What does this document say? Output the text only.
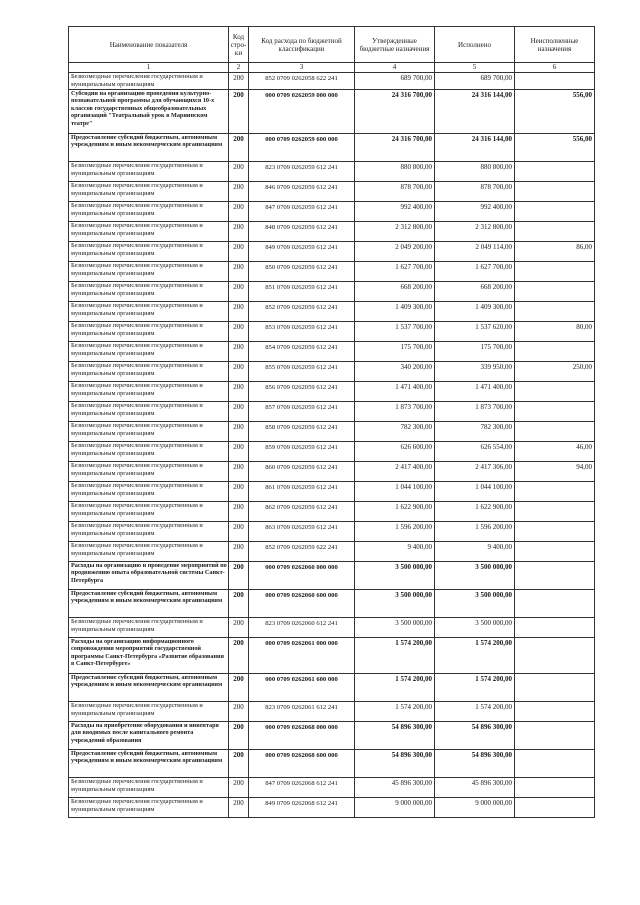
Наименование показателя	Код стро-ки	Код расхода по бюджетной классификации	Утвержденные бюджетные назначения	Исполнено	Неисполненные назначения
1	2	3	4	5	6
Безвозмездные перечисления государственным и муниципальным организациям	200	852 0709 0262058 622 241	689 700,00	689 700,00	
Субсидии на организацию проведения культурно-познавательной программы для обучающихся 10-х классов государственных общеобразовательных организаций "Театральный урок в Мариинском театре"	200	000 0709 0262059 000 000	24 316 700,00	24 316 144,00	556,00
Предоставление субсидий бюджетным, автономным учреждениям и иным некоммерческим организациям	200	000 0709 0262059 600 000	24 316 700,00	24 316 144,00	556,00
Безвозмездные перечисления государственным и муниципальным организациям	200	823 0709 0262059 612 241	880 800,00	880 800,00	
Безвозмездные перечисления государственным и муниципальным организациям	200	846 0709 0262059 612 241	878 700,00	878 700,00	
Безвозмездные перечисления государственным и муниципальным организациям	200	847 0709 0262059 612 241	992 400,00	992 400,00	
Безвозмездные перечисления государственным и муниципальным организациям	200	848 0709 0262059 612 241	2 312 800,00	2 312 800,00	
Безвозмездные перечисления государственным и муниципальным организациям	200	849 0709 0262059 612 241	2 049 200,00	2 049 114,00	86,00
Безвозмездные перечисления государственным и муниципальным организациям	200	850 0709 0262059 612 241	1 627 700,00	1 627 700,00	
Безвозмездные перечисления государственным и муниципальным организациям	200	851 0709 0262059 612 241	668 200,00	668 200,00	
Безвозмездные перечисления государственным и муниципальным организациям	200	852 0709 0262059 612 241	1 409 300,00	1 409 300,00	
Безвозмездные перечисления государственным и муниципальным организациям	200	853 0709 0262059 612 241	1 537 700,00	1 537 620,00	80,00
Безвозмездные перечисления государственным и муниципальным организациям	200	854 0709 0262059 612 241	175 700,00	175 700,00	
Безвозмездные перечисления государственным и муниципальным организациям	200	855 0709 0262059 612 241	340 200,00	339 950,00	250,00
Безвозмездные перечисления государственным и муниципальным организациям	200	856 0709 0262059 612 241	1 471 400,00	1 471 400,00	
Безвозмездные перечисления государственным и муниципальным организациям	200	857 0709 0262059 612 241	1 873 700,00	1 873 700,00	
Безвозмездные перечисления государственным и муниципальным организациям	200	858 0709 0262059 612 241	782 300,00	782 300,00	
Безвозмездные перечисления государственным и муниципальным организациям	200	859 0709 0262059 612 241	626 600,00	626 554,00	46,00
Безвозмездные перечисления государственным и муниципальным организациям	200	860 0709 0262059 612 241	2 417 400,00	2 417 306,00	94,00
Безвозмездные перечисления государственным и муниципальным организациям	200	861 0709 0262059 612 241	1 044 100,00	1 044 100,00	
Безвозмездные перечисления государственным и муниципальным организациям	200	862 0709 0262059 612 241	1 622 900,00	1 622 900,00	
Безвозмездные перечисления государственным и муниципальным организациям	200	863 0709 0262059 612 241	1 596 200,00	1 596 200,00	
Безвозмездные перечисления государственным и муниципальным организациям	200	852 0709 0262059 622 241	9 400,00	9 400,00	
Расходы на организацию и проведение мероприятий по продвижению опыта образовательной системы Санкт-Петербурга	200	000 0709 0262060 000 000	3 500 000,00	3 500 000,00	
Предоставление субсидий бюджетным, автономным учреждениям и иным некоммерческим организациям	200	000 0709 0262060 600 000	3 500 000,00	3 500 000,00	
Безвозмездные перечисления государственным и муниципальным организациям	200	823 0709 0262060 612 241	3 500 000,00	3 500 000,00	
Расходы на организацию информационного сопровождения мероприятий государственной программы Санкт-Петербурга «Развитие образования в Санкт-Петербурге»	200	000 0709 0262061 000 000	1 574 200,00	1 574 200,00	
Предоставление субсидий бюджетным, автономным учреждениям и иным некоммерческим организациям	200	000 0709 0262061 600 000	1 574 200,00	1 574 200,00	
Безвозмездные перечисления государственным и муниципальным организациям	200	823 0709 0262061 612 241	1 574 200,00	1 574 200,00	
Расходы на приобретение оборудования и инвентаря для вводимых после капитального ремонта учреждений образования	200	000 0709 0262068 000 000	54 896 300,00	54 896 300,00	
Предоставление субсидий бюджетным, автономным учреждениям и иным некоммерческим организациям	200	000 0709 0262068 600 000	54 896 300,00	54 896 300,00	
Безвозмездные перечисления государственным и муниципальным организациям	200	847 0709 0262068 612 241	45 896 300,00	45 896 300,00	
Безвозмездные перечисления государственным и муниципальным организациям	200	849 0709 0262068 612 241	9 000 000,00	9 000 000,00	
